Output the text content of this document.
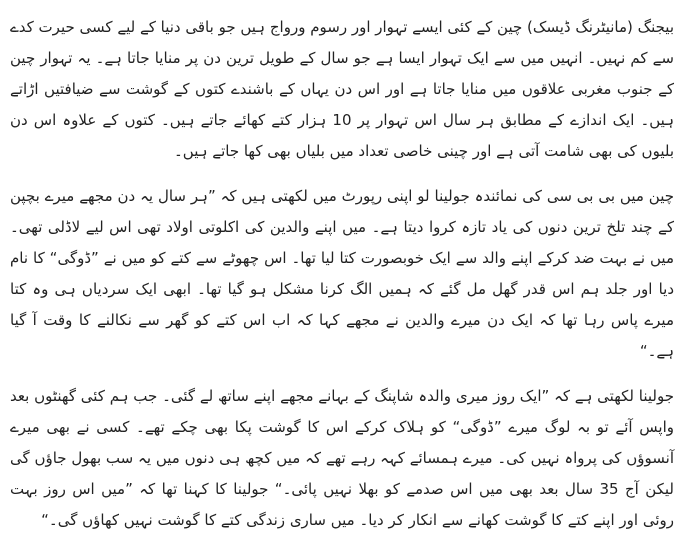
بیجنگ (مانیٹرنگ ڈیسک) چین کے کئی ایسے تہوار اور رسوم ورواج ہیں جو باقی دنیا کے لیے کسی حیرت کدے سے کم نہیں۔ انہیں میں سے ایک تہوار ایسا ہے جو سال کے طویل ترین دن پر منایا جاتا ہے۔ یہ تہوار چین کے جنوب مغربی علاقوں میں منایا جاتا ہے اور اس دن یہاں کے باشندے کتوں کے گوشت سے ضیافتیں اڑاتے ہیں۔ ایک اندازے کے مطابق ہر سال اس تہوار پر 10 ہزار کتے کھائے جاتے ہیں۔ کتوں کے علاوہ اس دن بلیوں کی بھی شامت آتی ہے اور چینی خاصی تعداد میں بلیاں بھی کھا جاتے ہیں۔

چین میں بی بی سی کی نمائندہ جولینا لو اپنی رپورٹ میں لکھتی ہیں کہ ”ہر سال یہ دن مجھے میرے بچپن کے چند تلخ ترین دنوں کی یاد تازہ کروا دیتا ہے۔ میں اپنے والدین کی اکلوتی اولاد تھی اس لیے لاڈلی تھی۔ میں نے بہت ضد کرکے اپنے والد سے ایک خوبصورت کتا لیا تھا۔ اس چھوٹے سے کتے کو میں نے ”ڈوگی“ کا نام دیا اور جلد ہم اس قدر گھل مل گئے کہ ہمیں الگ کرنا مشکل ہو گیا تھا۔ ابھی ایک سردیاں ہی وہ کتا میرے پاس رہا تھا کہ ایک دن میرے والدین نے مجھے کہا کہ اب اس کتے کو گھر سے نکالنے کا وقت آ گیا ہے۔“

جولینا لکھتی ہے کہ ”ایک روز میری والدہ شاپنگ کے بہانے مجھے اپنے ساتھ لے گئی۔ جب ہم کئی گھنٹوں بعد واپس آئے تو بہ لوگ میرے ”ڈوگی“ کو ہلاک کرکے اس کا گوشت پکا بھی چکے تھے۔ کسی نے بھی میرے آنسوؤں کی پرواہ نہیں کی۔ میرے ہمسائے کہہ رہے تھے کہ میں کچھ ہی دنوں میں یہ سب بھول جاؤں گی لیکن آج 35 سال بعد بھی میں اس صدمے کو بھلا نہیں پائی۔“ جولینا کا کہنا تھا کہ ”میں اس روز بہت روئی اور اپنے کتے کا گوشت کھانے سے انکار کر دیا۔ میں ساری زندگی کتے کا گوشت نہیں کھاؤں گی۔“
